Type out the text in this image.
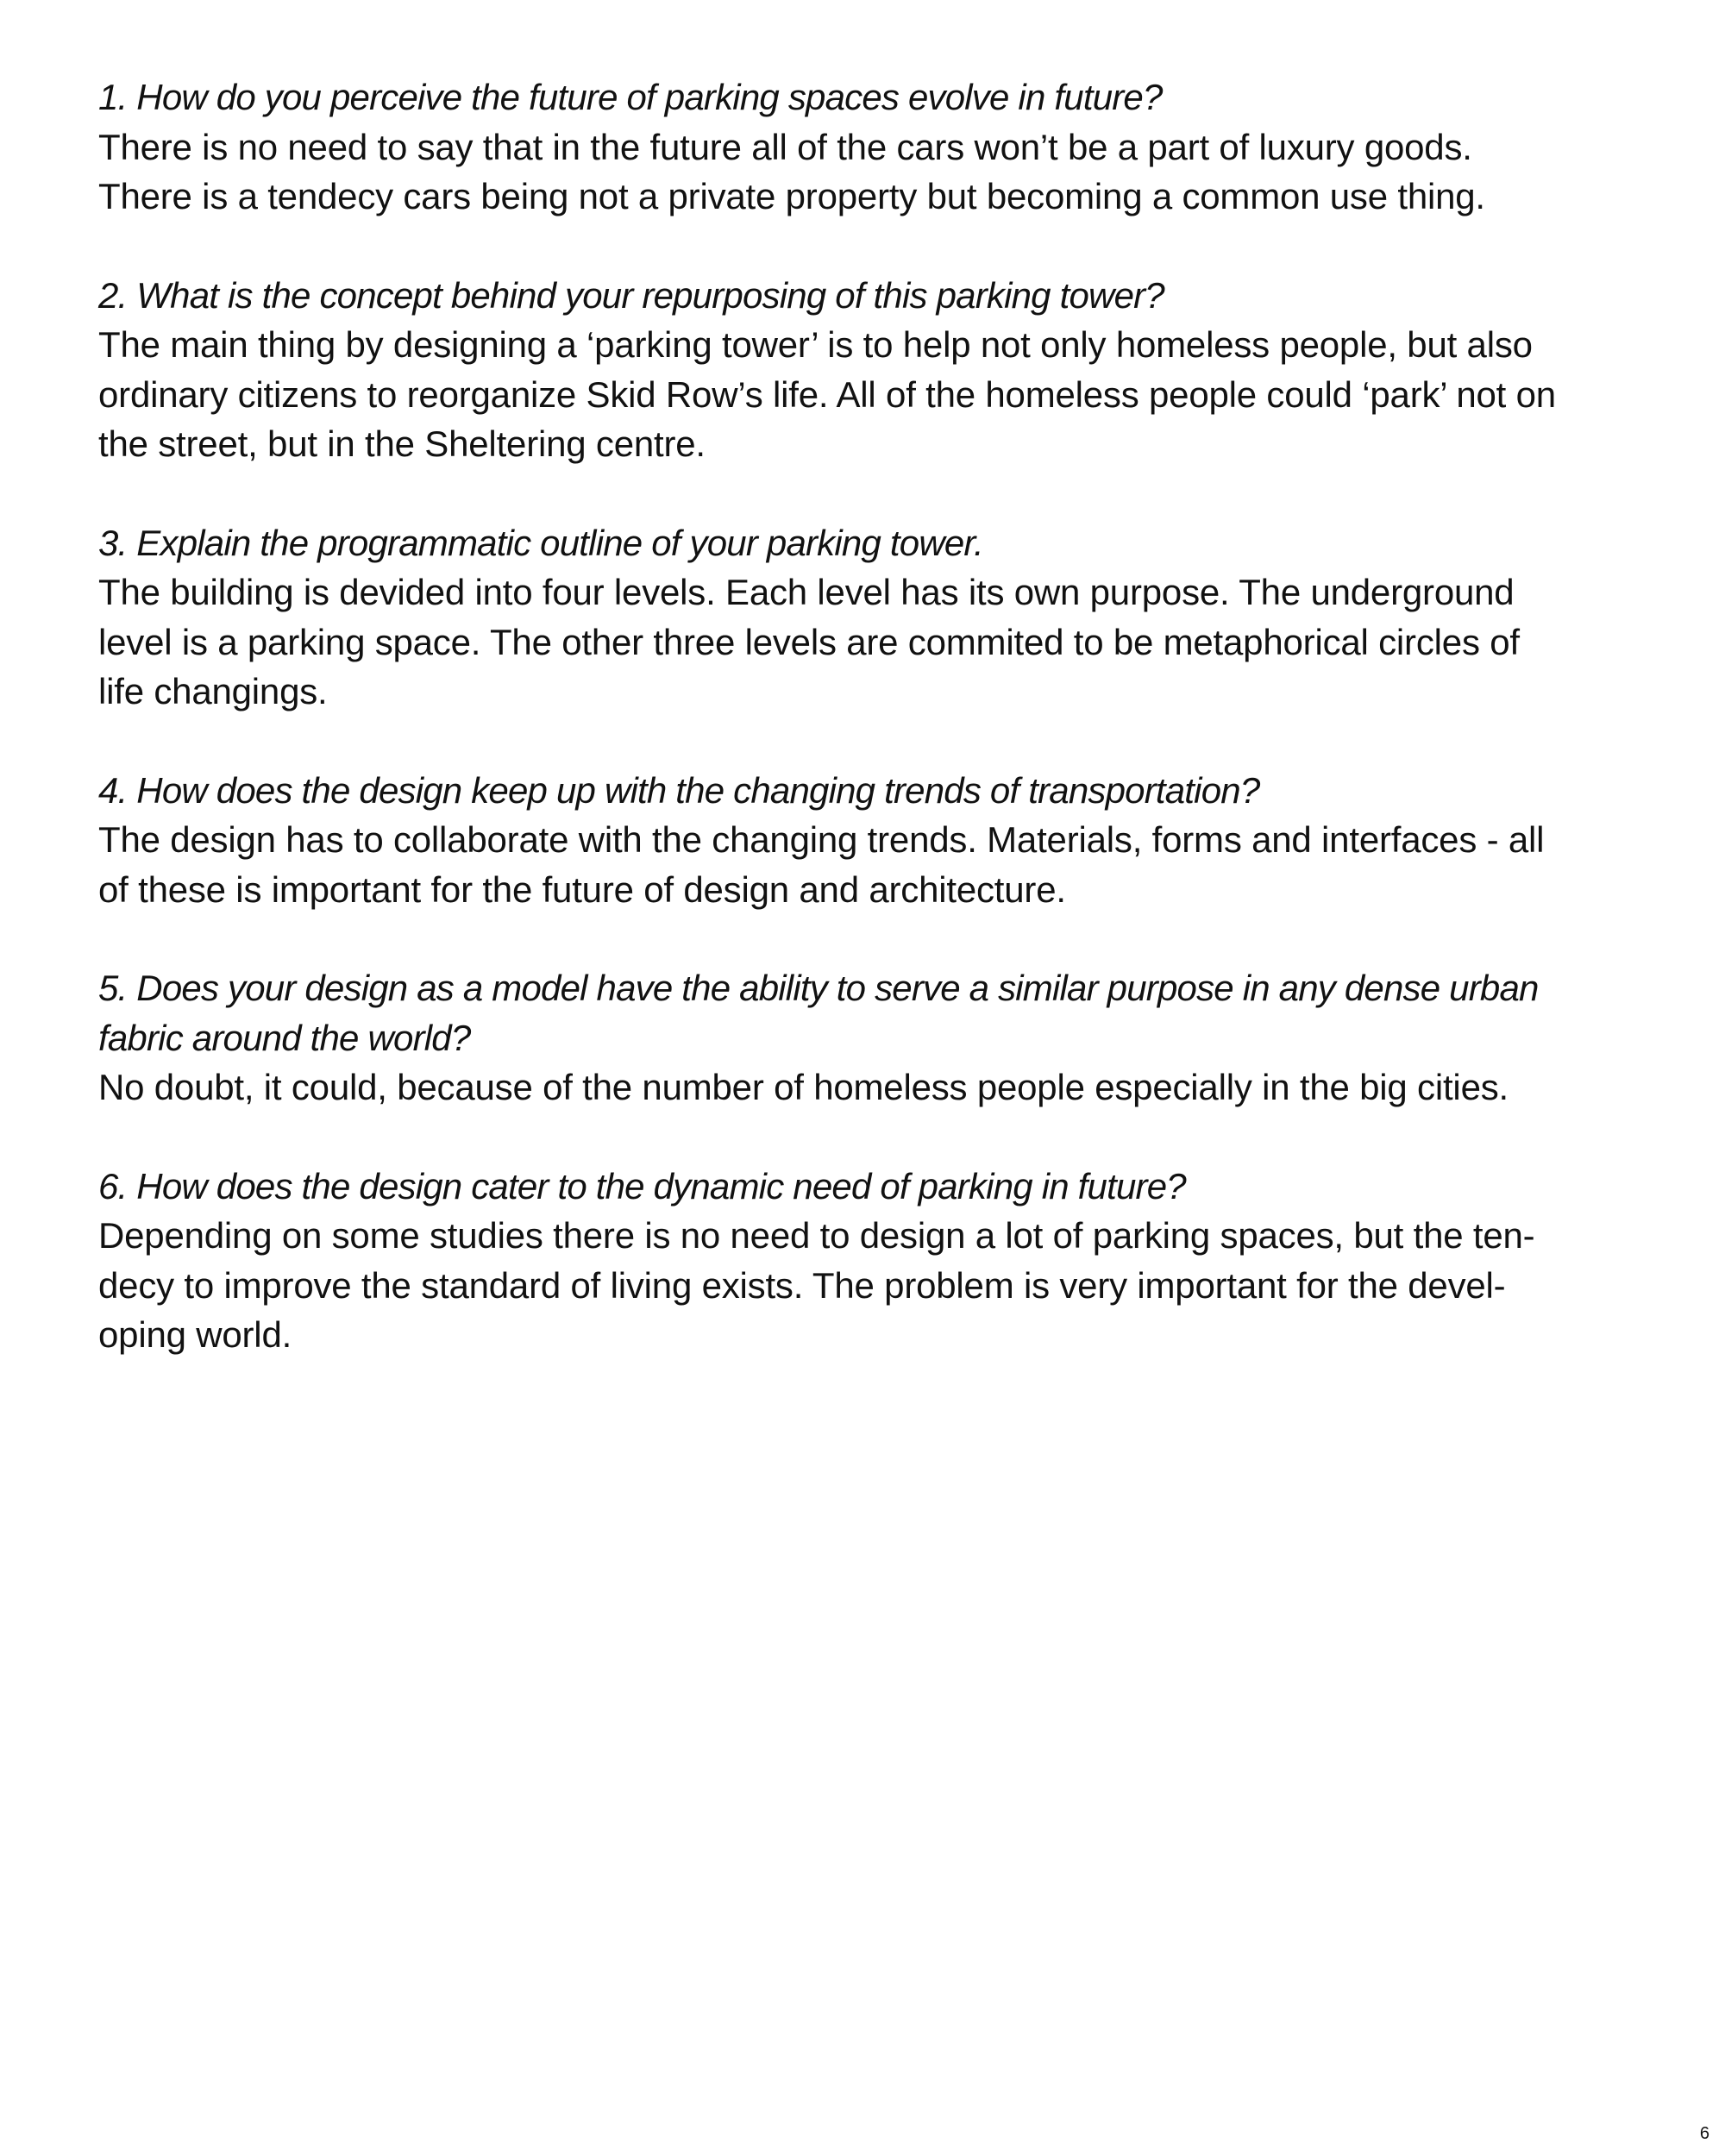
1. How do you perceive the future of parking spaces evolve in future?
There is no need to say that in the future all of the cars won’t be a part of luxury goods.
There is a tendecy cars being not a private property but becoming a common use thing.
2. What is the concept behind your repurposing of this parking tower?
The main thing by designing a ‘parking tower’ is to help not only homeless people, but also
ordinary citizens to reorganize Skid Row’s life. All of the homeless people could ‘park’ not on
the street, but in the Sheltering centre.
3. Explain the programmatic outline of your parking tower.
The building is devided into four levels. Each level has its own purpose. The underground
level is a parking space. The other three levels are commited to be metaphorical circles of
life changings.
4. How does the design keep up with the changing trends of transportation?
The design has to collaborate with the changing trends. Materials, forms and interfaces - all
of these is important for the future of design and architecture.
5. Does your design as a model have the ability to serve a similar purpose in any dense urban
fabric around the world?
No doubt, it could, because of the number of homeless people especially in the big cities.
6. How does the design cater to the dynamic need of parking in future?
Depending on some studies there is no need to design a lot of parking spaces, but the ten-
decy to improve the standard of living exists. The problem is very important for the devel-
oping world.
6
